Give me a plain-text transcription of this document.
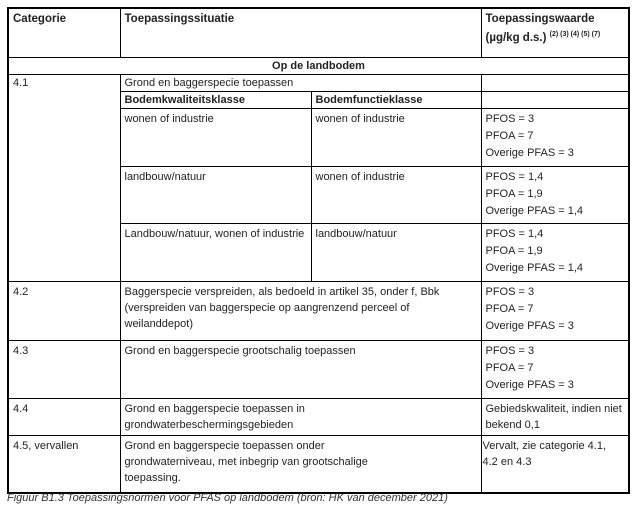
Categorie	Toepassingssituatie		Toepassingswaarde (µg/kg d.s.) $^{(2) (3) (4) (5) (7)}$
Op de landbodem			
4.1	Grond en baggerspecie toepassen		
	Bodemkwaliteitsklasse	Bodemfunctieklasse	
	wonen of industrie	wonen of industrie	PFOS = 3
PFOA = 7
Overige PFAS = 3

	landbouw/natuur	wonen of industrie	PFOS = 1,4
PFOA = 1,9
Overige PFAS = 1,4

	Landbouw/natuur, wonen of industrie	landbouw/natuur	PFOS = 1,4
PFOA = 1,9
Overige PFAS = 1,4

4.2	Baggerspecie verspreiden, als bedoeld in artikel 35, onder f, Bbk (verspreiden van baggerspecie op aangrenzend perceel of weilanddepot)		PFOS = 3
PFOA = 7
Overige PFAS = 3

4.3	Grond en baggerspecie grootschalig toepassen		PFOS = 3
PFOA = 7
Overige PFAS = 3

4.4	Grond en baggerspecie toepassen in grondwaterbeschermingsgebieden		Gebiedskwaliteit, indien niet bekend 0,1
4.5, vervallen	Grond en baggerspecie toepassen onder grondwaterniveau, met inbegrip van grootschalige toepassing.		Vervalt, zie categorie 4.1, 4.2 en 4.3
Figuur B1.3 Toepassingsnormen voor PFAS op landbodem (bron: HK van december 2021)
